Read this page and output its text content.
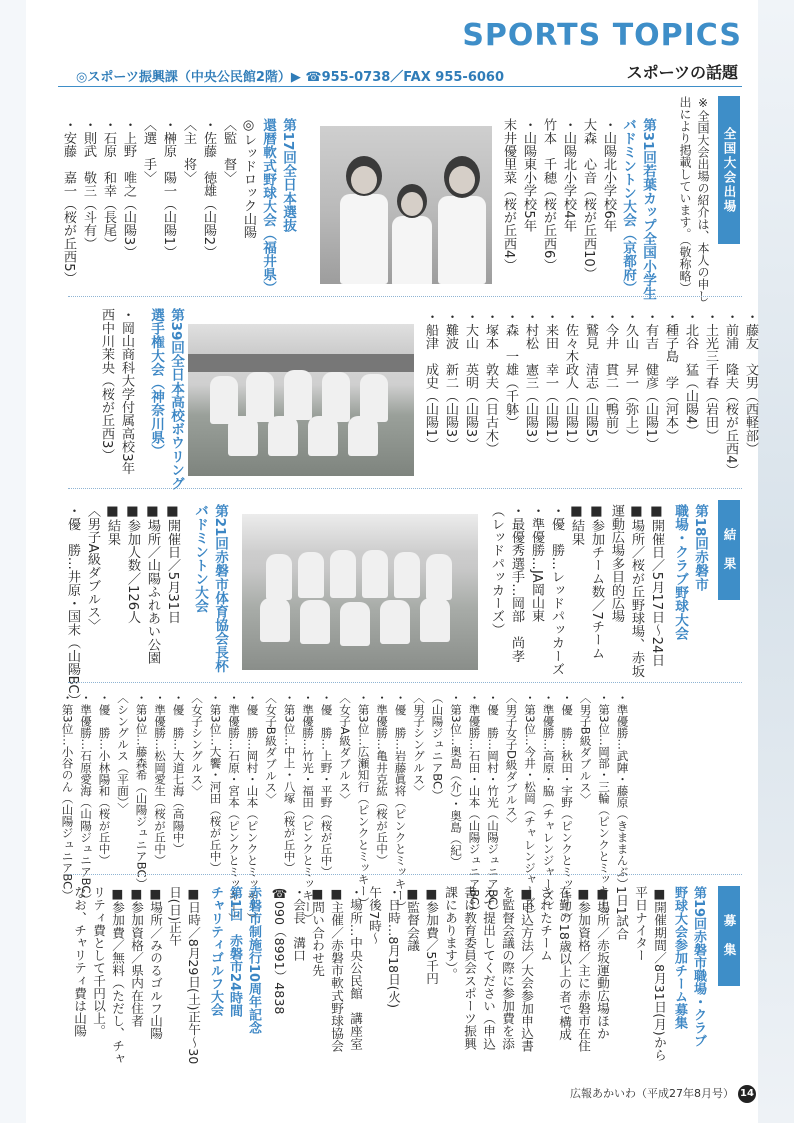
SPORTS TOPICS
スポーツの話題
◎スポーツ振興課（中央公民館2階）▶ ☎955-0738／FAX 955-6060
全国大会出場
※全国大会出場の紹介は、本人の申し
出により掲載しています。（敬称略）
第31回若葉カップ全国小学生
バドミントン大会（京都府）
・山陽北小学校6年
大森　心音（桜が丘西10）
・山陽北小学校4年
竹本　千穂（桜が丘西6）
・山陽東小学校5年
末井優里菜（桜が丘西4）
第17回全日本選抜
還暦軟式野球大会（福井県）
◎レッドロック山陽
〈監　督〉
・佐藤　徳雄（山陽2）
〈主　将〉
・榊原　陽一（山陽1）
〈選　手〉
・上野　唯之（山陽3）
・石原　和幸（長尾）
・則武　敬三（斗有）
・安藤　嘉一（桜が丘西5）
・藤友　文男（西軽部）
・前浦　隆夫（桜が丘西4）
・土光三千春（岩田）
・北谷　猛（山陽4）
・種子島　学（河本）
・有吉　健彦（山陽1）
・久山　昇一（弥上）
・今井　貫二（鴨前）
・鷲見　清志（山陽5）
・佐々木政人（山陽1）
・来田　幸一（山陽1）
・村松　憲三（山陽3）
・森　一雄（千躰）
・塚本　敦夫（日古木）
・大山　英明（山陽3）
・難波　新二（山陽3）
・船津　成史（山陽1）
第39回全日本高校ボウリング
選手権大会（神奈川県）
・岡山商科大学付属高校3年
西中川茉央（桜が丘西3）
結　果
第18回赤磐市
職場・クラブ野球大会
■開催日／5月17日～24日
■場所／桜が丘野球場、赤坂
運動広場多目的広場
■参加チーム数／7チーム
■結果
・優　勝…レッドパッカーズ
・準優勝…JA岡山東
・最優秀選手…岡部　尚孝
（レッドパッカーズ）
第21回赤磐市体育協会長杯
バドミントン大会
■開催日／5月31日
■場所／山陽ふれあい公園
■参加人数／126人
■結果
〈男子A級ダブルス〉
・優　勝…井原・国末（山陽BC）
・準優勝…武陣・藤原（きままんぶ）
・第3位…岡部・三輪（ピンクとミッキー）
〈男子B級ダブルス〉
・優　勝…秋田・宇野（ピンクとミッキー）
・準優勝…高原・脇（チャレンジャーズ）
・第3位…今井・松岡（チャレンジャーズ）
〈男子女子D級ダブルス〉
・優　勝…岡村・竹光（山陽ジュニアBC）
・準優勝…石田・山本（山陽ジュニアBC）
・第3位…奥島（介）・奥島（紀）
（山陽ジュニアBC）
〈男子シングルス〉
・優　勝…岩藤眞将（ピンクとミッキー）
・準優勝…亀井克紘（桜が丘中）
・第3位…広瀬知行（ピンクとミッキー）
〈女子A級ダブルス〉
・優　勝…上野・平野（桜が丘中）
・準優勝…竹光・福田（ピンクとミッキー）
・第3位…中上・八塚（桜が丘中）
〈女子B級ダブルス〉
・優　勝…岡村・山本（ピンクとミッキー）
・準優勝…石原・宮本（ピンクとミッキー）
・第3位…大饗・河田（桜が丘中）
〈女子シングルス〉
・優　勝…大道七海（高陽中）
・準優勝…松岡愛生（桜が丘中）
・第3位…藤森希（山陽ジュニアBC）
〈シングルス（平面）〉
・優　勝…小林陽和（桜が丘中）
・準優勝…石原愛海（山陽ジュニアBC）
・第3位…小谷のん（山陽ジュニアBC）
募　集
第19回赤磐市職場・クラブ
野球大会参加チーム募集
■開催期間／8月31日(月)から
平日ナイター
1日1試合
■場所／赤坂運動広場ほか
■参加資格／主に赤磐市在住
在勤の18歳以上の者で構成
されたチーム
■申込方法／大会参加申込書
を監督会議の際に参加費を添
えて提出してください（申込
書は教育委員会スポーツ振興
課にあります）。
■参加費／5千円
■監督会議
・日時…8月18日(火)
午後7時～
・場所…中央公民館　講座室
■主催／赤磐市軟式野球協会
■問い合わせ先
・会長　溝口
☎090（8991）4838
赤磐市制施行10周年記念
第1回　赤磐市24時間
チャリティゴルフ大会
■日時／8月29日(土)正午～30
日(日)正午
■場所／みのるゴルフ山陽
■参加資格／県内在住者
■参加費／無料（ただし、チャ
リティ費として千円以上。
なお、チャリティ費は山陽
広報あかいわ（平成27年8月号） 14
